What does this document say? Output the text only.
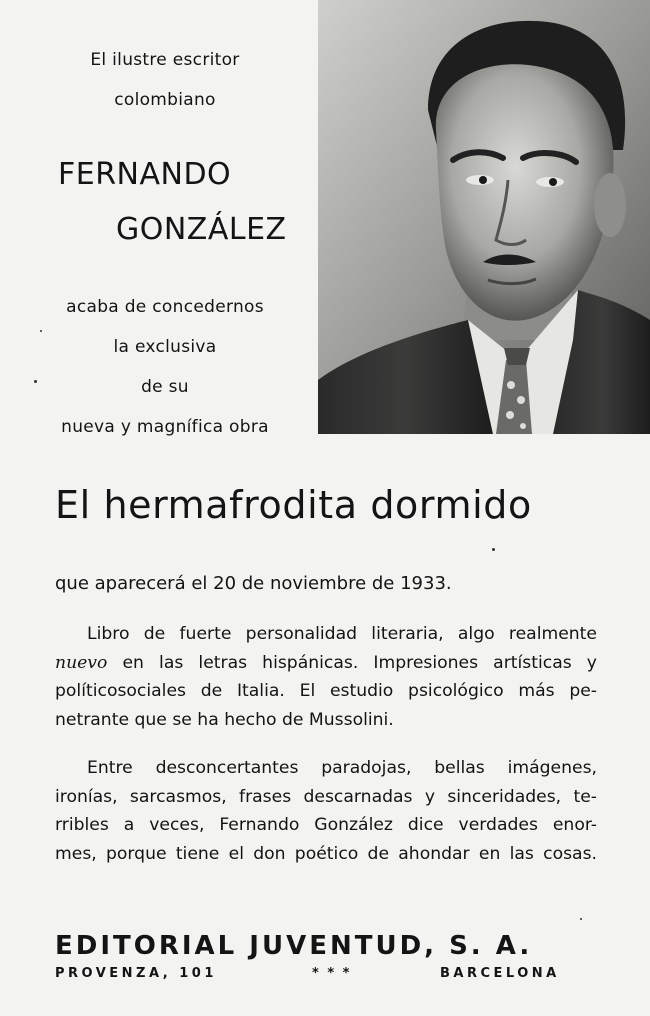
El ilustre escritor
colombiano
FERNANDO
GONZÁLEZ
acaba de concedernos
la exclusiva
de su
nueva y magnífica obra
El hermafrodita dormido
que aparecerá el 20 de noviembre de 1933.
Libro de fuerte personalidad literaria, algo realmente
nuevo en las letras hispánicas. Impresiones artísticas y
políticosociales de Italia. El estudio psicológico más pe-
netrante que se ha hecho de Mussolini.
Entre desconcertantes paradojas, bellas imágenes,
ironías, sarcasmos, frases descarnadas y sinceridades, te-
rribles a veces, Fernando González dice verdades enor-
mes, porque tiene el don poético de ahondar en las cosas.
EDITORIAL JUVENTUD, S. A.
PROVENZA, 101	* * *	BARCELONA
